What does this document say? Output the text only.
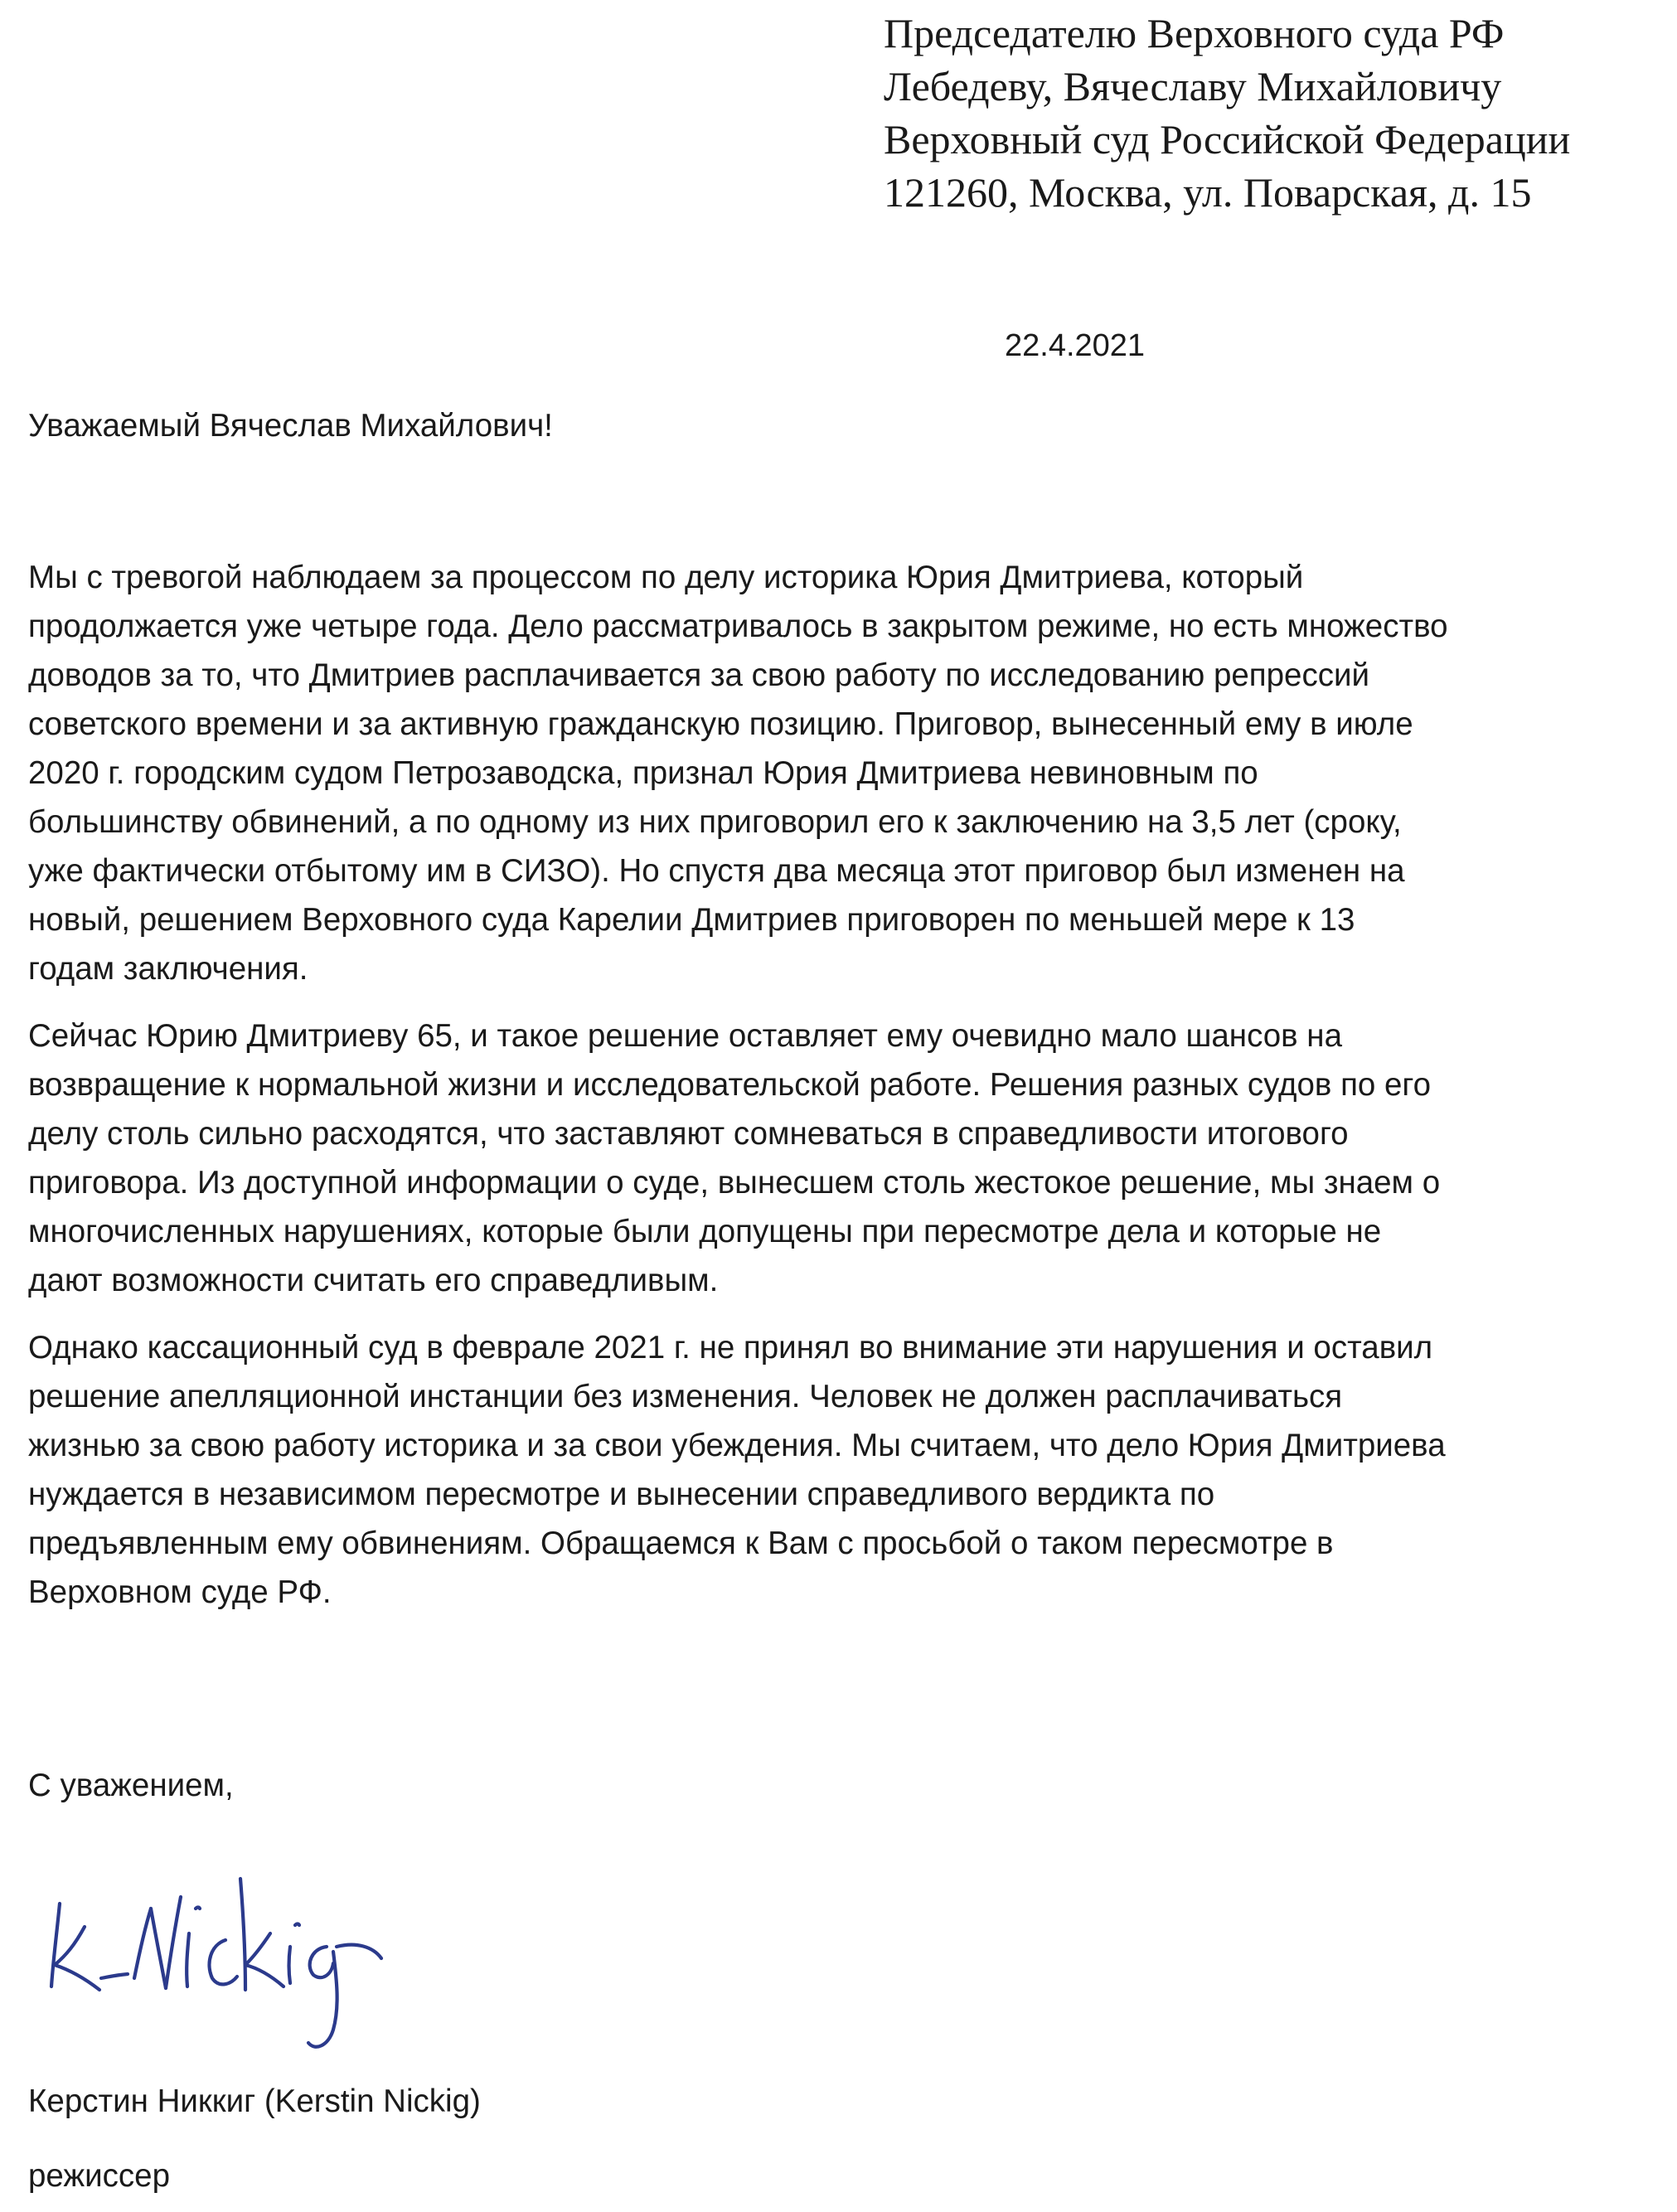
Председателю Верховного суда РФ
Лебедеву, Вячеславу Михайловичу
Верховный суд Российской Федерации
121260, Москва, ул. Поварская, д. 15
22.4.2021
Уважаемый Вячеслав Михайлович!
Мы с тревогой наблюдаем за процессом по делу историка Юрия Дмитриева, который
продолжается уже четыре года. Дело рассматривалось в закрытом режиме, но есть множество
доводов за то, что Дмитриев расплачивается за свою работу по исследованию репрессий
советского времени и за активную гражданскую позицию. Приговор, вынесенный ему в июле
2020 г. городским судом Петрозаводска, признал Юрия Дмитриева невиновным по
большинству обвинений, а по одному из них приговорил его к заключению на 3,5 лет (сроку,
уже фактически отбытому им в СИЗО). Но спустя два месяца этот приговор был изменен на
новый, решением Верховного суда Карелии Дмитриев приговорен по меньшей мере к 13
годам заключения.
Сейчас Юрию Дмитриеву 65, и такое решение оставляет ему очевидно мало шансов на
возвращение к нормальной жизни и исследовательской работе. Решения разных судов по его
делу столь сильно расходятся, что заставляют сомневаться в справедливости итогового
приговора. Из доступной информации о суде, вынесшем столь жестокое решение, мы знаем о
многочисленных нарушениях, которые были допущены при пересмотре дела и которые не
дают возможности считать его справедливым.
Однако кассационный суд в феврале 2021 г. не принял во внимание эти нарушения и оставил
решение апелляционной инстанции без изменения. Человек не должен расплачиваться
жизнью за свою работу историка и за свои убеждения. Мы считаем, что дело Юрия Дмитриева
нуждается в независимом пересмотре и вынесении справедливого вердикта по
предъявленным ему обвинениям. Обращаемся к Вам с просьбой о таком пересмотре в
Верховном суде РФ.
С уважением,
Керстин Никкиг (Kerstin Nickig)
режиссер
